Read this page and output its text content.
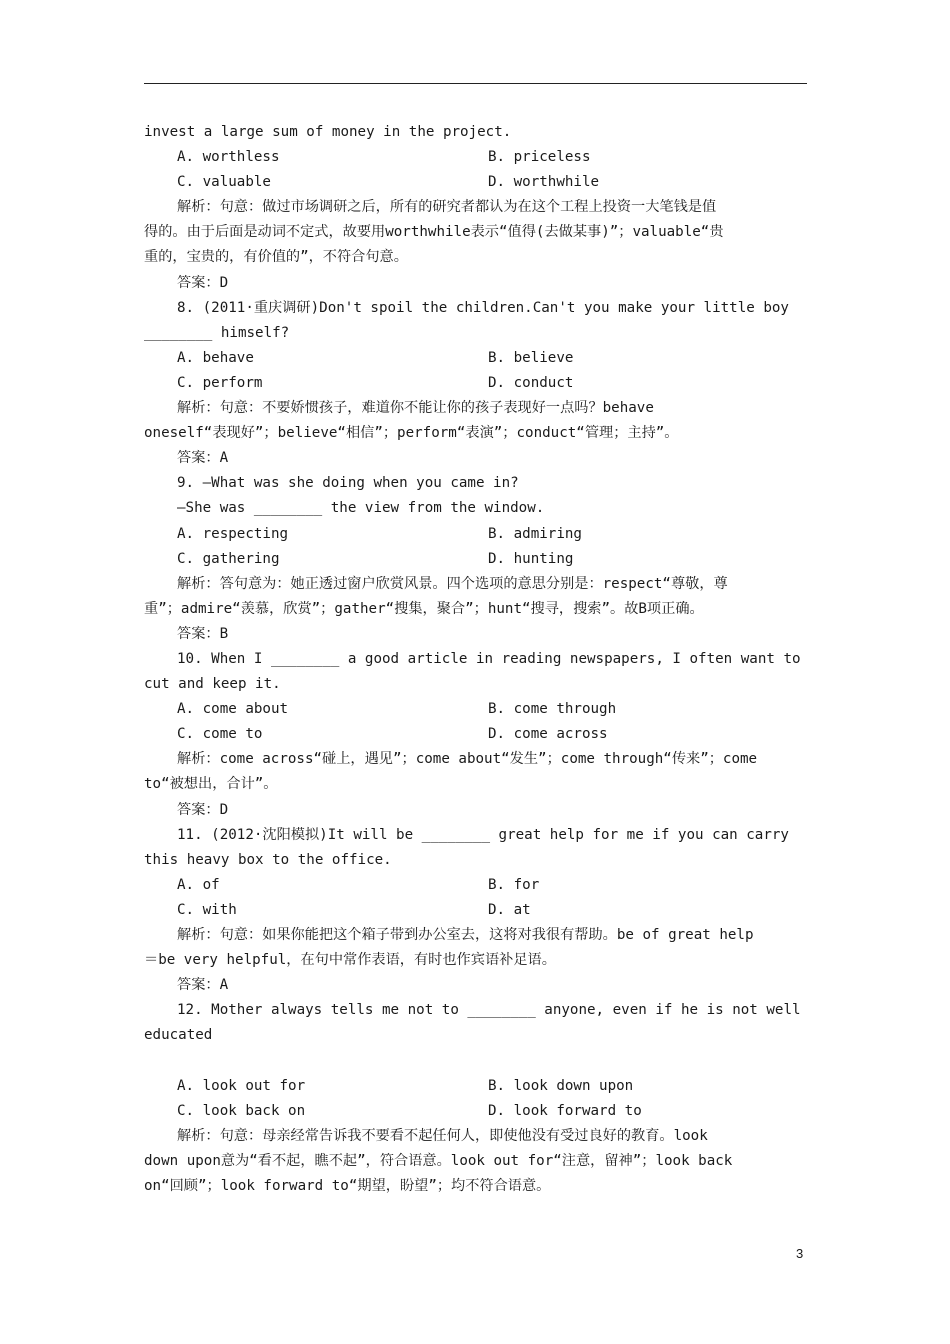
invest a large sum of money in the project.
A. worthless	B. priceless
C. valuable	D. worthwhile
解析：句意：做过市场调研之后，所有的研究者都认为在这个工程上投资一大笔钱是值
得的。由于后面是动词不定式，故要用worthwhile表示“值得(去做某事)”；valuable“贵
重的，宝贵的，有价值的”，不符合句意。
答案：D
8. (2011·重庆调研)Don't spoil the children.Can't you make your little boy
________ himself?
A. behave	B. believe
C. perform	D. conduct
解析：句意：不要娇惯孩子，难道你不能让你的孩子表现好一点吗？behave
oneself“表现好”；believe“相信”；perform“表演”；conduct“管理；主持”。
答案：A
9. —What was she doing when you came in?
—She was ________ the view from the window.
A. respecting	B. admiring
C. gathering	D. hunting
解析：答句意为：她正透过窗户欣赏风景。四个选项的意思分别是：respect“尊敬，尊
重”；admire“羡慕，欣赏”；gather“搜集，聚合”；hunt“搜寻，搜索”。故B项正确。
答案：B
10. When I ________ a good article in reading newspapers, I often want to
cut and keep it.
A. come about	B. come through
C. come to	D. come across
解析：come across“碰上，遇见”；come about“发生”；come through“传来”；come
to“被想出，合计”。
答案：D
11. (2012·沈阳模拟)It will be ________ great help for me if you can carry
this heavy box to the office.
A. of	B. for
C. with	D. at
解析：句意：如果你能把这个箱子带到办公室去，这将对我很有帮助。be of great help
＝be very helpful，在句中常作表语，有时也作宾语补足语。
答案：A
12. Mother always tells me not to ________ anyone, even if he is not well
educated
A. look out for	B. look down upon
C. look back on	D. look forward to
解析：句意：母亲经常告诉我不要看不起任何人，即使他没有受过良好的教育。look
down upon意为“看不起，瞧不起”，符合语意。look out for“注意，留神”；look back
on“回顾”；look forward to“期望，盼望”；均不符合语意。
3
